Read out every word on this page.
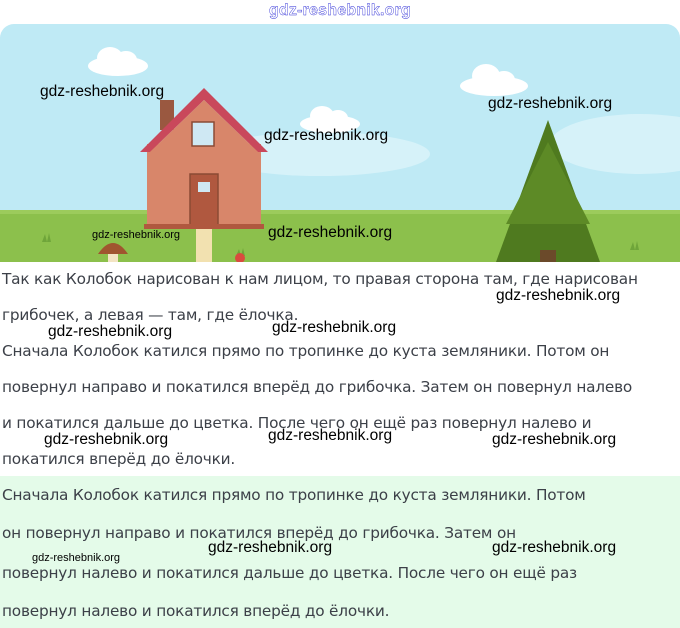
gdz-reshebnik.org
Так как Колобок нарисован к нам лицом, то правая сторона там, где нарисован
грибочек, а левая — там, где ёлочка.
Сначала Колобок катился прямо по тропинке до куста земляники. Потом он
повернул направо и покатился вперёд до грибочка. Затем он повернул налево
и покатился дальше до цветка. После чего он ещё раз повернул налево и
покатился вперёд до ёлочки.
Сначала Колобок катился прямо по тропинке до куста земляники. Потом
он повернул направо и покатился вперёд до грибочка. Затем он
повернул налево и покатился дальше до цветка. После чего он ещё раз
повернул налево и покатился вперёд до ёлочки.
gdz-reshebnik.org
gdz-reshebnik.org
gdz-reshebnik.org
gdz-reshebnik.org	gdz-reshebnik.org
gdz-reshebnik.org
gdz-reshebnik.org	gdz-reshebnik.org
gdz-reshebnik.org	gdz-reshebnik.org	gdz-reshebnik.org
gdz-reshebnik.org
gdz-reshebnik.org	gdz-reshebnik.org
